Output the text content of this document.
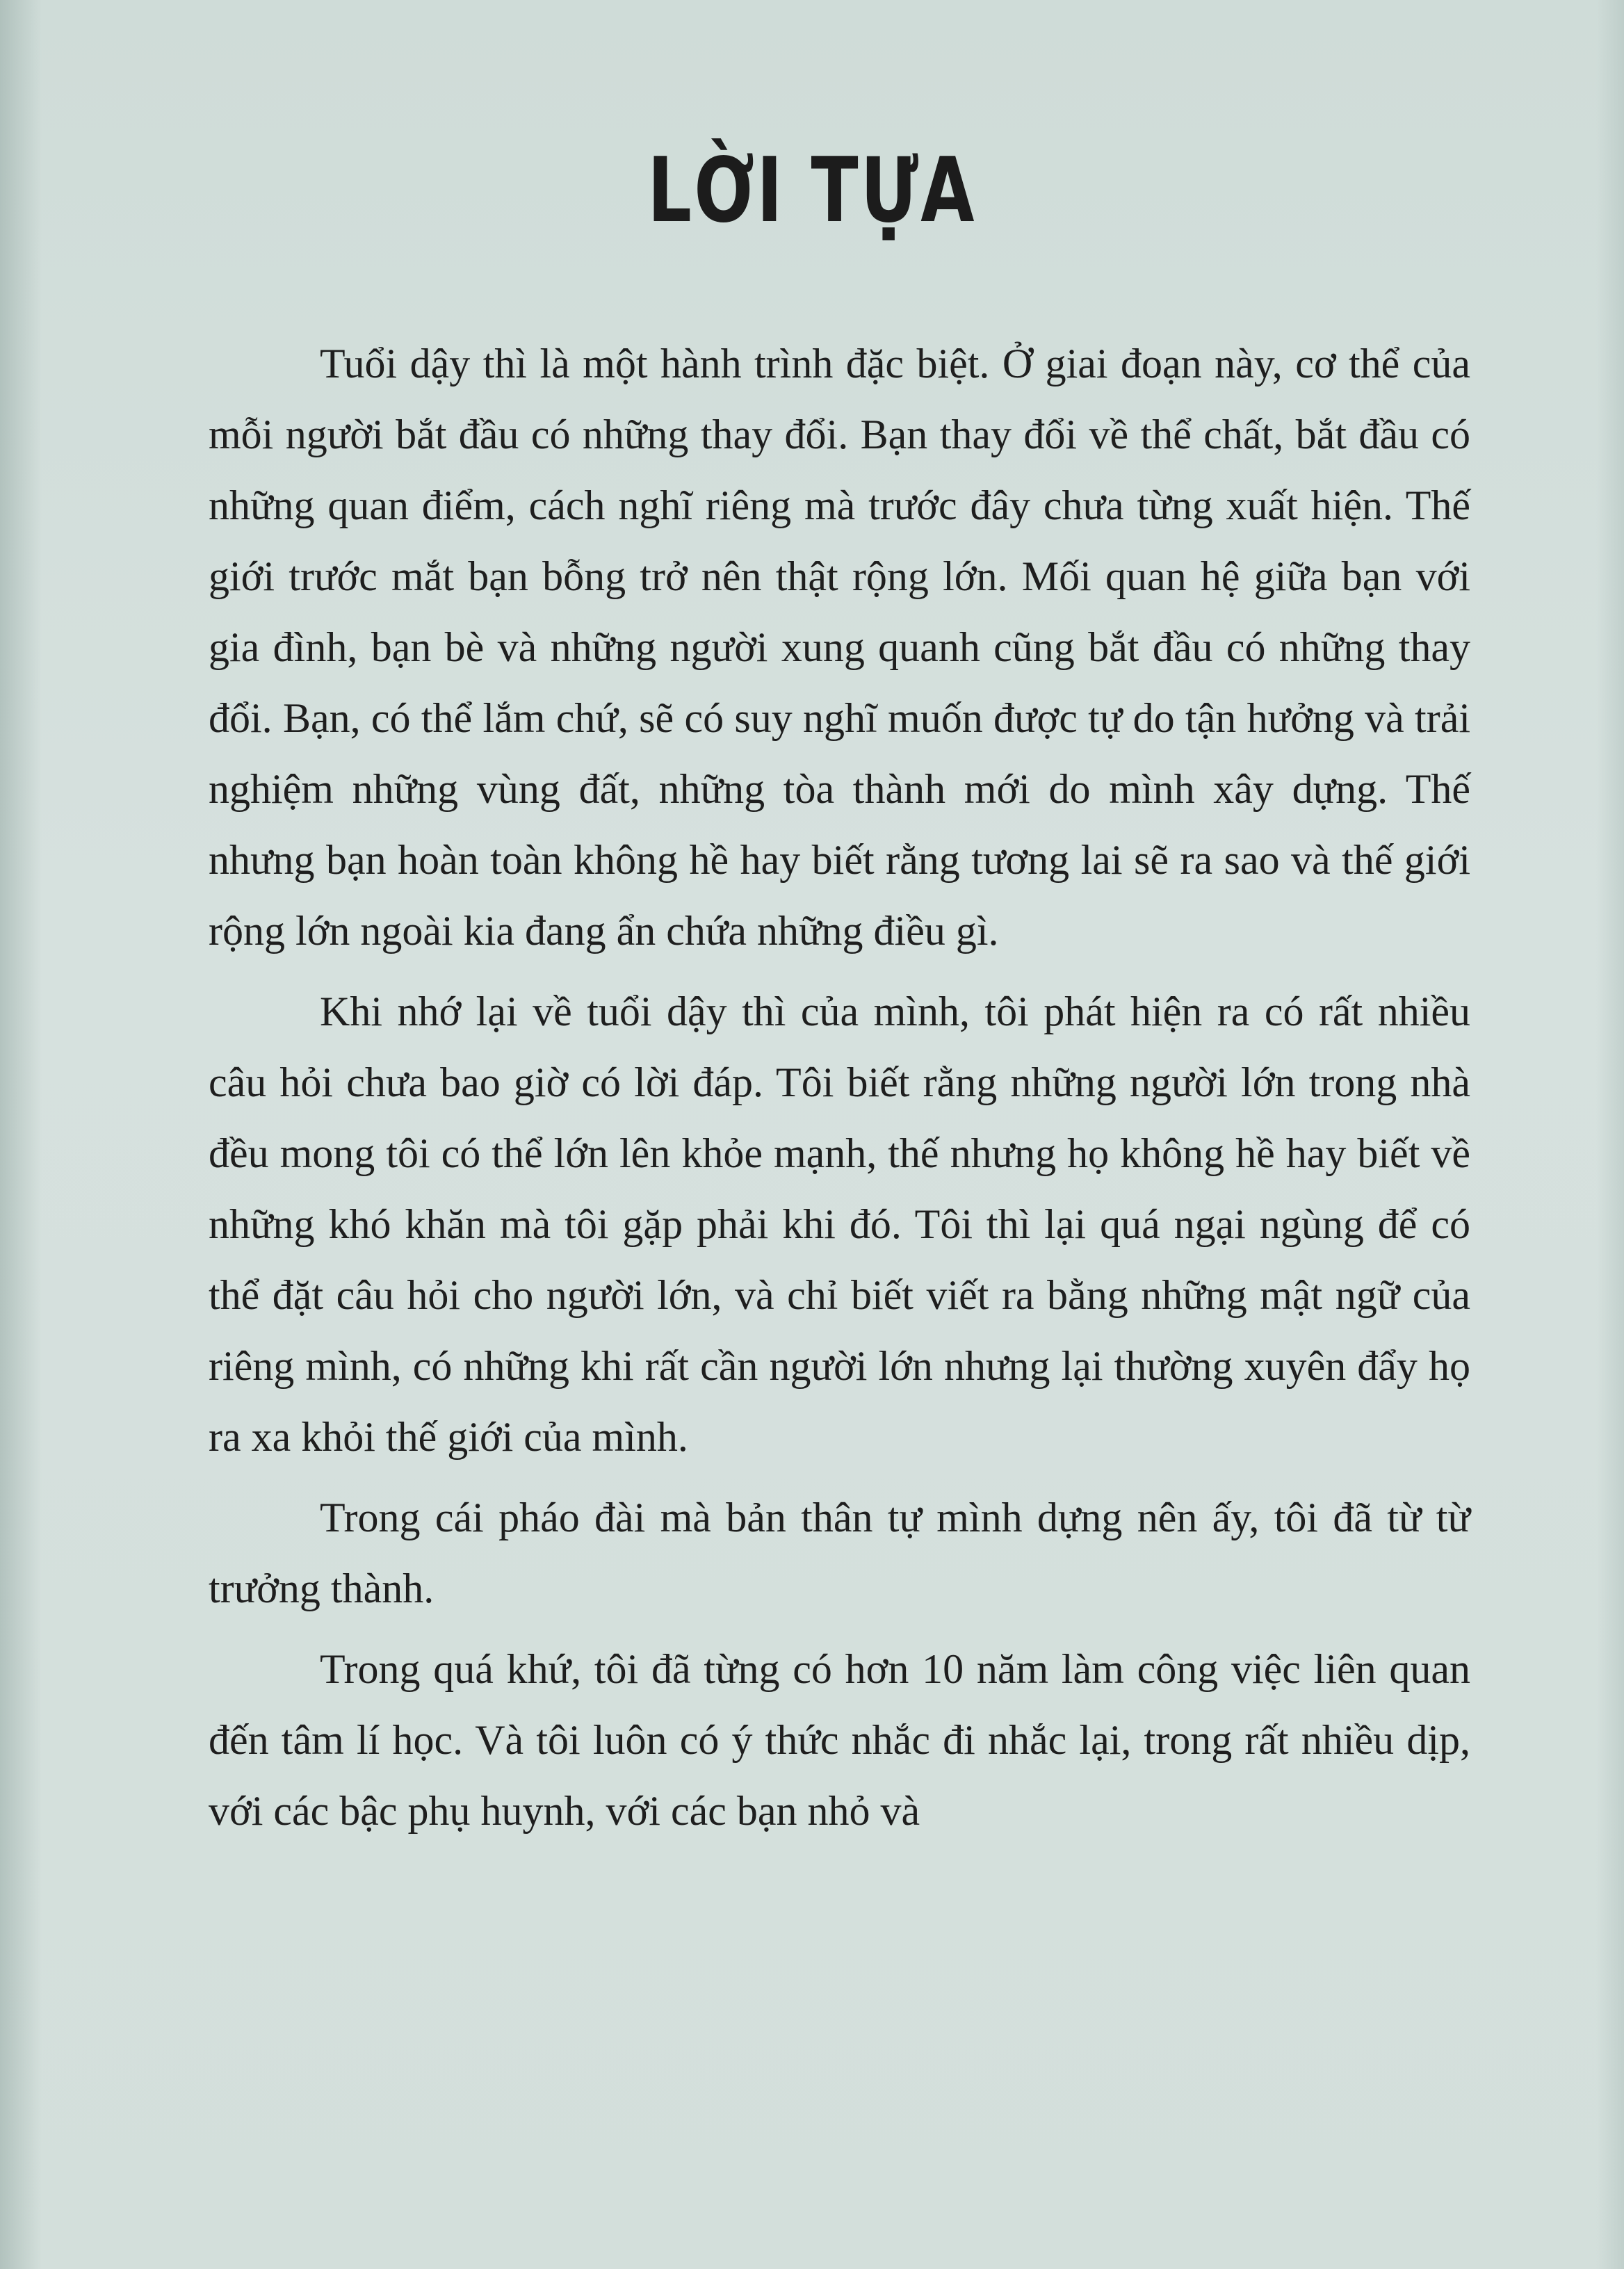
LỜI TỰA

Tuổi dậy thì là một hành trình đặc biệt. Ở giai đoạn này, cơ thể của mỗi người bắt đầu có những thay đổi. Bạn thay đổi về thể chất, bắt đầu có những quan điểm, cách nghĩ riêng mà trước đây chưa từng xuất hiện. Thế giới trước mắt bạn bỗng trở nên thật rộng lớn. Mối quan hệ giữa bạn với gia đình, bạn bè và những người xung quanh cũng bắt đầu có những thay đổi. Bạn, có thể lắm chứ, sẽ có suy nghĩ muốn được tự do tận hưởng và trải nghiệm những vùng đất, những tòa thành mới do mình xây dựng. Thế nhưng bạn hoàn toàn không hề hay biết rằng tương lai sẽ ra sao và thế giới rộng lớn ngoài kia đang ẩn chứa những điều gì.

Khi nhớ lại về tuổi dậy thì của mình, tôi phát hiện ra có rất nhiều câu hỏi chưa bao giờ có lời đáp. Tôi biết rằng những người lớn trong nhà đều mong tôi có thể lớn lên khỏe mạnh, thế nhưng họ không hề hay biết về những khó khăn mà tôi gặp phải khi đó. Tôi thì lại quá ngại ngùng để có thể đặt câu hỏi cho người lớn, và chỉ biết viết ra bằng những mật ngữ của riêng mình, có những khi rất cần người lớn nhưng lại thường xuyên đẩy họ ra xa khỏi thế giới của mình.

Trong cái pháo đài mà bản thân tự mình dựng nên ấy, tôi đã từ từ trưởng thành.

Trong quá khứ, tôi đã từng có hơn 10 năm làm công việc liên quan đến tâm lí học. Và tôi luôn có ý thức nhắc đi nhắc lại, trong rất nhiều dịp, với các bậc phụ huynh, với các bạn nhỏ và
